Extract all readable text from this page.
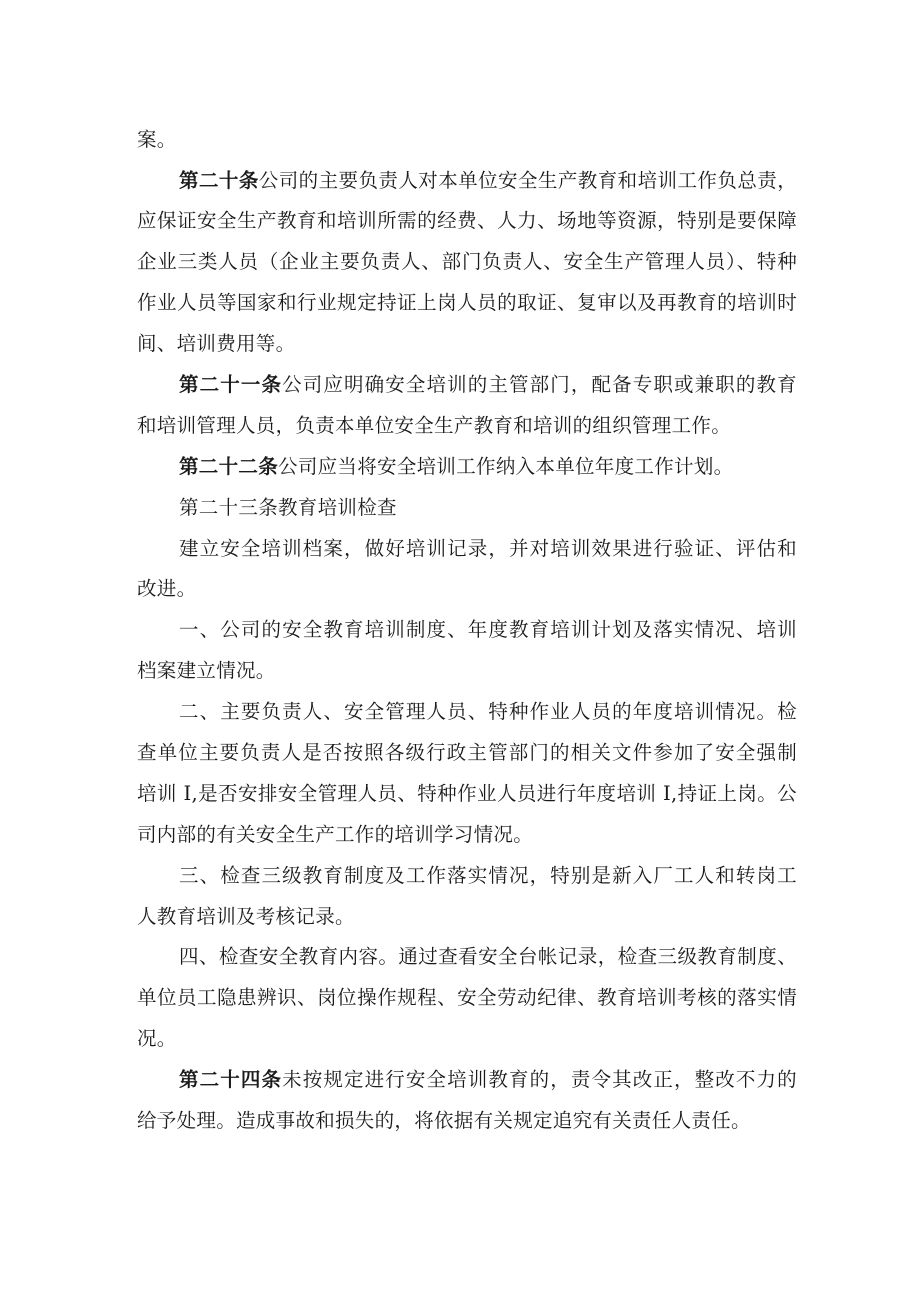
案。
第二十条公司的主要负责人对本单位安全生产教育和培训工作负总责，
应保证安全生产教育和培训所需的经费、人力、场地等资源，特别是要保障
企业三类人员（企业主要负责人、部门负责人、安全生产管理人员）、特种
作业人员等国家和行业规定持证上岗人员的取证、复审以及再教育的培训时
间、培训费用等。
第二十一条公司应明确安全培训的主管部门，配备专职或兼职的教育
和培训管理人员，负责本单位安全生产教育和培训的组织管理工作。
第二十二条公司应当将安全培训工作纳入本单位年度工作计划。
第二十三条教育培训检查
建立安全培训档案，做好培训记录，并对培训效果进行验证、评估和
改进。
一、公司的安全教育培训制度、年度教育培训计划及落实情况、培训
档案建立情况。
二、主要负责人、安全管理人员、特种作业人员的年度培训情况。检
查单位主要负责人是否按照各级行政主管部门的相关文件参加了安全强制
培训 I,是否安排安全管理人员、特种作业人员进行年度培训 I,持证上岗。公
司内部的有关安全生产工作的培训学习情况。
三、检查三级教育制度及工作落实情况，特别是新入厂工人和转岗工
人教育培训及考核记录。
四、检查安全教育内容。通过查看安全台帐记录，检查三级教育制度、
单位员工隐患辨识、岗位操作规程、安全劳动纪律、教育培训考核的落实情
况。
第二十四条未按规定进行安全培训教育的，责令其改正，整改不力的
给予处理。造成事故和损失的，将依据有关规定追究有关责任人责任。
